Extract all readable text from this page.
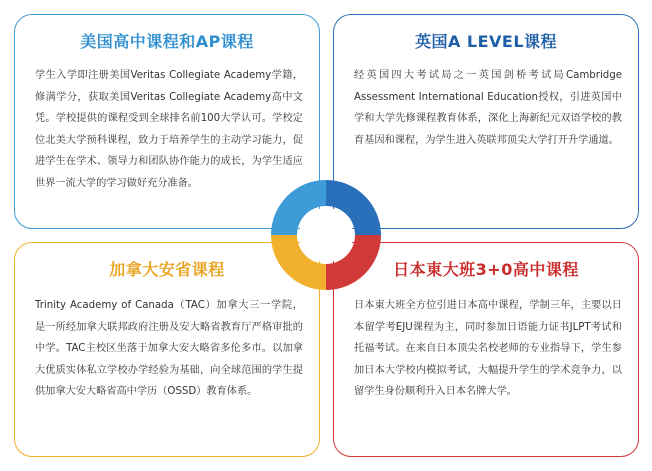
美国高中课程和AP课程
学生入学即注册美国Veritas Collegiate Academy学籍，修满学分，获取美国Veritas Collegiate Academy高中文凭。学校提供的课程受到全球排名前100大学认可。学校定位北美大学预科课程，致力于培养学生的主动学习能力，促进学生在学术、领导力和团队协作能力的成长，为学生适应世界一流大学的学习做好充分准备。
英国A LEVEL课程
经英国四大考试局之一英国剑桥考试局Cambridge Assessment International Education授权，引进英国中学和大学先修课程教育体系，深化上海新纪元双语学校的教育基因和课程，为学生进入英联邦顶尖大学打开升学通道。
加拿大安省课程
Trinity Academy of Canada（TAC）加拿大三一学院，是一所经加拿大联邦政府注册及安大略省教育厅严格审批的中学。TAC主校区坐落于加拿大安大略省多伦多市。以加拿大优质实体私立学校办学经验为基础，向全球范围的学生提供加拿大安大略省高中学历（OSSD）教育体系。
日本東大班3+0高中课程
日本東大班全方位引进日本高中课程，学制三年，主要以日本留学考EJU课程为主，同时参加日语能力证书JLPT考试和托福考试。在来自日本顶尖名校老师的专业指导下，学生参加日本大学校内模拟考试，大幅提升学生的学术竞争力，以留学生身份顺利升入日本名牌大学。
